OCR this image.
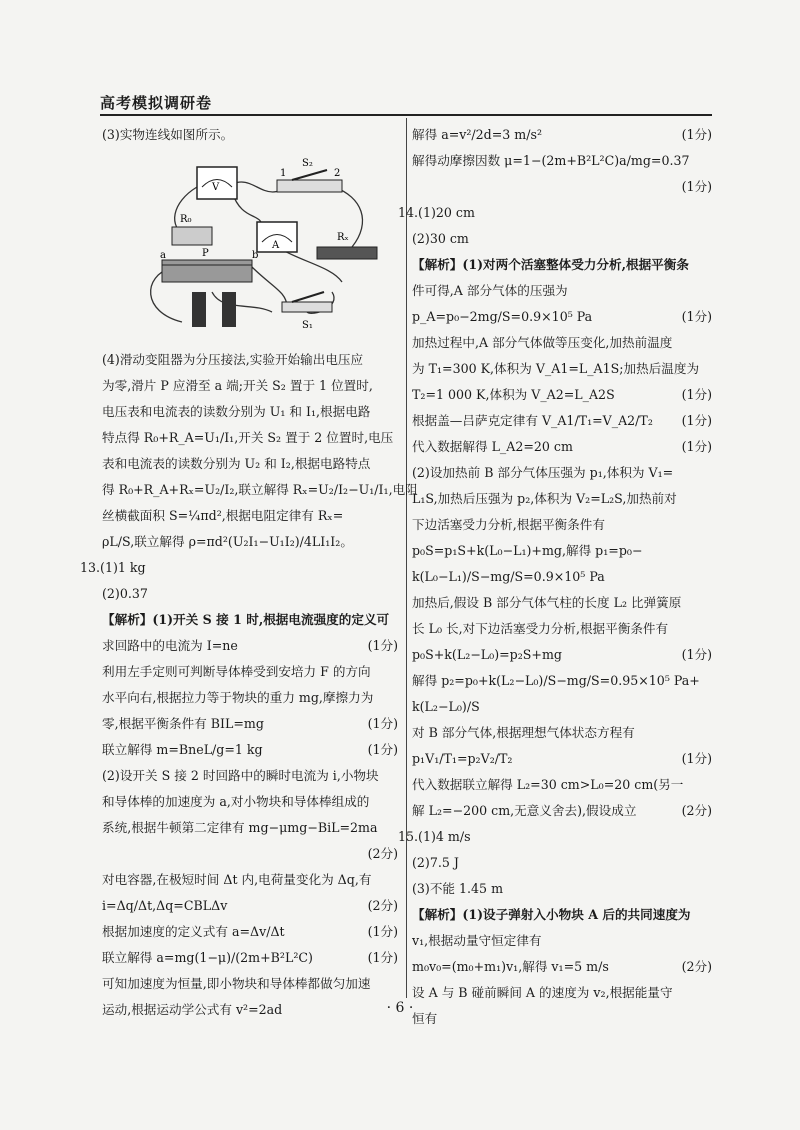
高考模拟调研卷
(3)实物连线如图所示。
V
S₂
1	2
R₀
A
Rₓ
a	b
P
S₁
(4)滑动变阻器为分压接法,实验开始输出电压应
为零,滑片 P 应滑至 a 端;开关 S₂ 置于 1 位置时,
电压表和电流表的读数分别为 U₁ 和 I₁,根据电路
特点得 R₀+R_A=U₁/I₁,开关 S₂ 置于 2 位置时,电压
表和电流表的读数分别为 U₂ 和 I₂,根据电路特点
得 R₀+R_A+Rₓ=U₂/I₂,联立解得 Rₓ=U₂/I₂−U₁/I₁,电阻
丝横截面积 S=¼πd²,根据电阻定律有 Rₓ=
ρL/S,联立解得 ρ=πd²(U₂I₁−U₁I₂)/4LI₁I₂。
13.(1)1 kg
(2)0.37
【解析】(1)开关 S 接 1 时,根据电流强度的定义可
求回路中的电流为 I=ne	(1分)
利用左手定则可判断导体棒受到安培力 F 的方向
水平向右,根据拉力等于物块的重力 mg,摩擦力为
零,根据平衡条件有 BIL=mg	(1分)
联立解得 m=BneL/g=1 kg	(1分)
(2)设开关 S 接 2 时回路中的瞬时电流为 i,小物块
和导体棒的加速度为 a,对小物块和导体棒组成的
系统,根据牛顿第二定律有 mg−μmg−BiL=2ma
(2分)
对电容器,在极短时间 Δt 内,电荷量变化为 Δq,有
i=Δq/Δt,Δq=CBLΔv	(2分)
根据加速度的定义式有 a=Δv/Δt	(1分)
联立解得 a=mg(1−μ)/(2m+B²L²C)	(1分)
可知加速度为恒量,即小物块和导体棒都做匀加速
运动,根据运动学公式有 v²=2ad
解得 a=v²/2d=3 m/s²	(1分)
解得动摩擦因数 μ=1−(2m+B²L²C)a/mg=0.37
(1分)
14.(1)20 cm
(2)30 cm
【解析】(1)对两个活塞整体受力分析,根据平衡条
件可得,A 部分气体的压强为
p_A=p₀−2mg/S=0.9×10⁵ Pa	(1分)
加热过程中,A 部分气体做等压变化,加热前温度
为 T₁=300 K,体积为 V_A1=L_A1S;加热后温度为
T₂=1 000 K,体积为 V_A2=L_A2S	(1分)
根据盖—吕萨克定律有 V_A1/T₁=V_A2/T₂ (1分)
代入数据解得 L_A2=20 cm	(1分)
(2)设加热前 B 部分气体压强为 p₁,体积为 V₁=
L₁S,加热后压强为 p₂,体积为 V₂=L₂S,加热前对
下边活塞受力分析,根据平衡条件有
p₀S=p₁S+k(L₀−L₁)+mg,解得 p₁=p₀−
k(L₀−L₁)/S−mg/S=0.9×10⁵ Pa
加热后,假设 B 部分气体气柱的长度 L₂ 比弹簧原
长 L₀ 长,对下边活塞受力分析,根据平衡条件有
p₀S+k(L₂−L₀)=p₂S+mg	(1分)
解得 p₂=p₀+k(L₂−L₀)/S−mg/S=0.95×10⁵ Pa+
k(L₂−L₀)/S
对 B 部分气体,根据理想气体状态方程有
p₁V₁/T₁=p₂V₂/T₂	(1分)
代入数据联立解得 L₂=30 cm>L₀=20 cm(另一
解 L₂=−200 cm,无意义舍去),假设成立	(2分)
15.(1)4 m/s
(2)7.5 J
(3)不能 1.45 m
【解析】(1)设子弹射入小物块 A 后的共同速度为
v₁,根据动量守恒定律有
m₀v₀=(m₀+m₁)v₁,解得 v₁=5 m/s	(2分)
设 A 与 B 碰前瞬间 A 的速度为 v₂,根据能量守
恒有
· 6 ·
